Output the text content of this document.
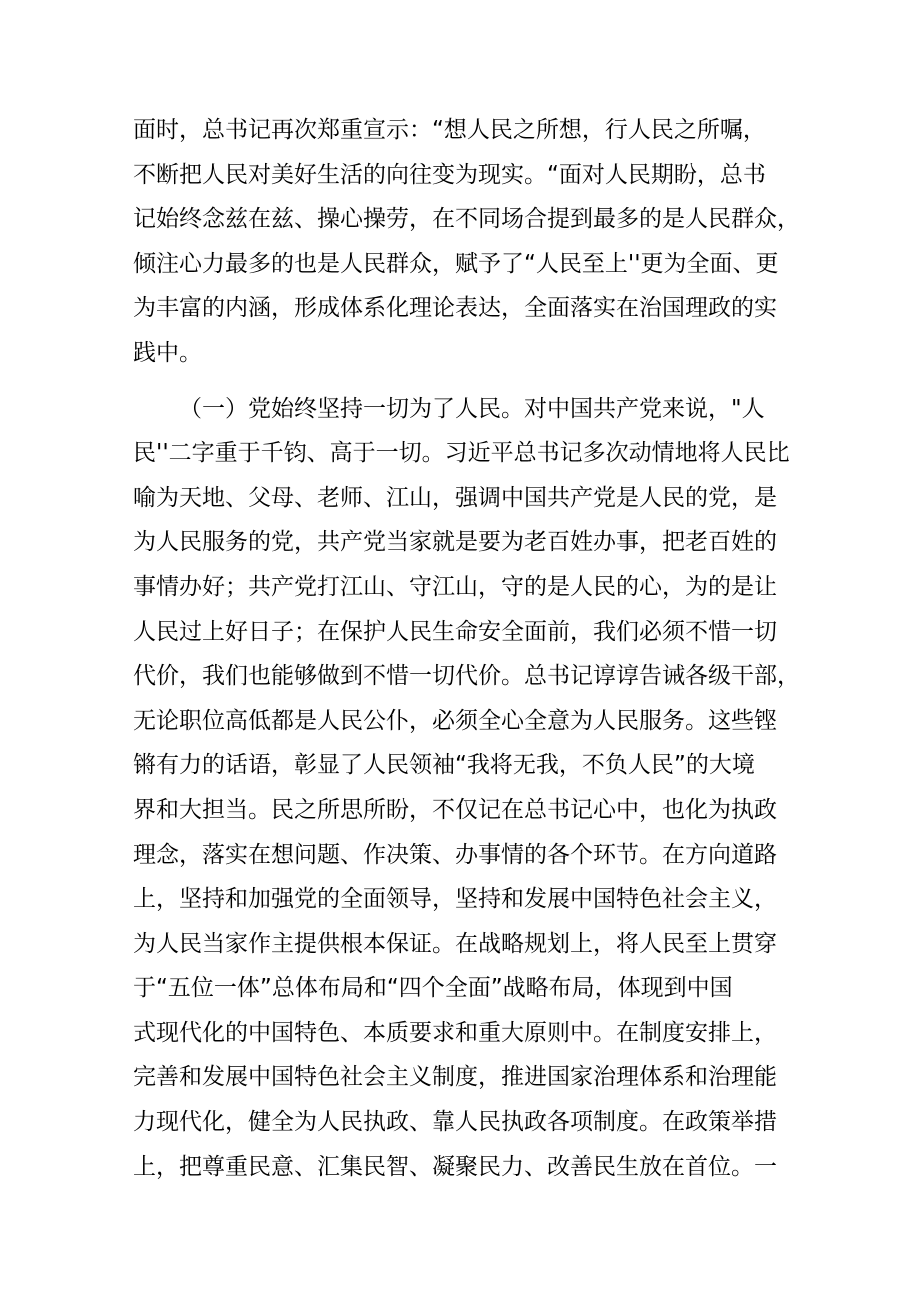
面时，总书记再次郑重宣示：“想人民之所想，行人民之所嘱，
不断把人民对美好生活的向往变为现实。“面对人民期盼，总书
记始终念兹在兹、操心操劳，在不同场合提到最多的是人民群众，
倾注心力最多的也是人民群众，赋予了“人民至上''更为全面、更
为丰富的内涵，形成体系化理论表达，全面落实在治国理政的实
践中。
（一）党始终坚持一切为了人民。对中国共产党来说，"人
民''二字重于千钧、高于一切。习近平总书记多次动情地将人民比
喻为天地、父母、老师、江山，强调中国共产党是人民的党，是
为人民服务的党，共产党当家就是要为老百姓办事，把老百姓的
事情办好；共产党打江山、守江山，守的是人民的心，为的是让
人民过上好日子；在保护人民生命安全面前，我们必须不惜一切
代价，我们也能够做到不惜一切代价。总书记谆谆告诫各级干部，
无论职位高低都是人民公仆，必须全心全意为人民服务。这些铿
锵有力的话语，彰显了人民领袖“我将无我，不负人民”的大境
界和大担当。民之所思所盼，不仅记在总书记心中，也化为执政
理念，落实在想问题、作决策、办事情的各个环节。在方向道路
上，坚持和加强党的全面领导，坚持和发展中国特色社会主义，
为人民当家作主提供根本保证。在战略规划上，将人民至上贯穿
于“五位一体”总体布局和“四个全面”战略布局，体现到中国
式现代化的中国特色、本质要求和重大原则中。在制度安排上，
完善和发展中国特色社会主义制度，推进国家治理体系和治理能
力现代化，健全为人民执政、靠人民执政各项制度。在政策举措
上，把尊重民意、汇集民智、凝聚民力、改善民生放在首位。一
